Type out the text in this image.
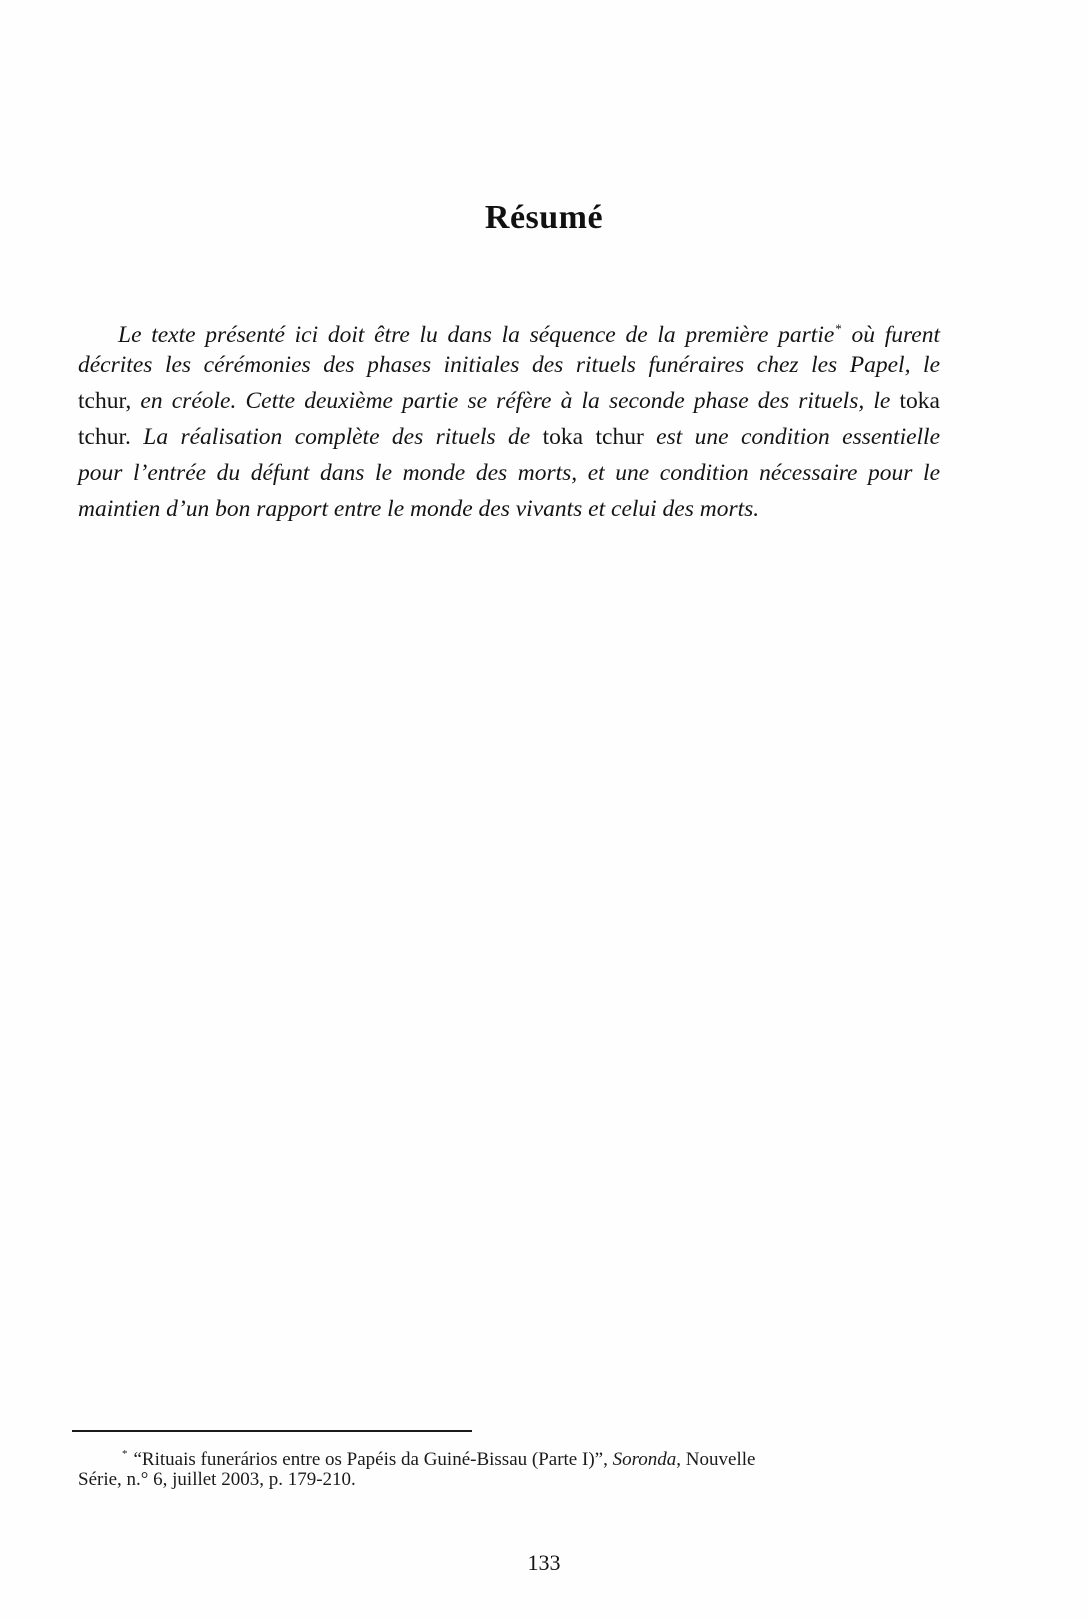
Résumé
Le texte présenté ici doit être lu dans la séquence de la première partie* où furent
décrites les cérémonies des phases initiales des rituels funéraires chez les Papel, le
tchur, en créole. Cette deuxième partie se réfère à la seconde phase des rituels, le toka
tchur. La réalisation complète des rituels de toka tchur est une condition essentielle
pour l’entrée du défunt dans le monde des morts, et une condition nécessaire pour le
maintien d’un bon rapport entre le monde des vivants et celui des morts.
* “Rituais funerários entre os Papéis da Guiné-Bissau (Parte I)”, Soronda, Nouvelle
Série, n.° 6, juillet 2003, p. 179-210.
133
